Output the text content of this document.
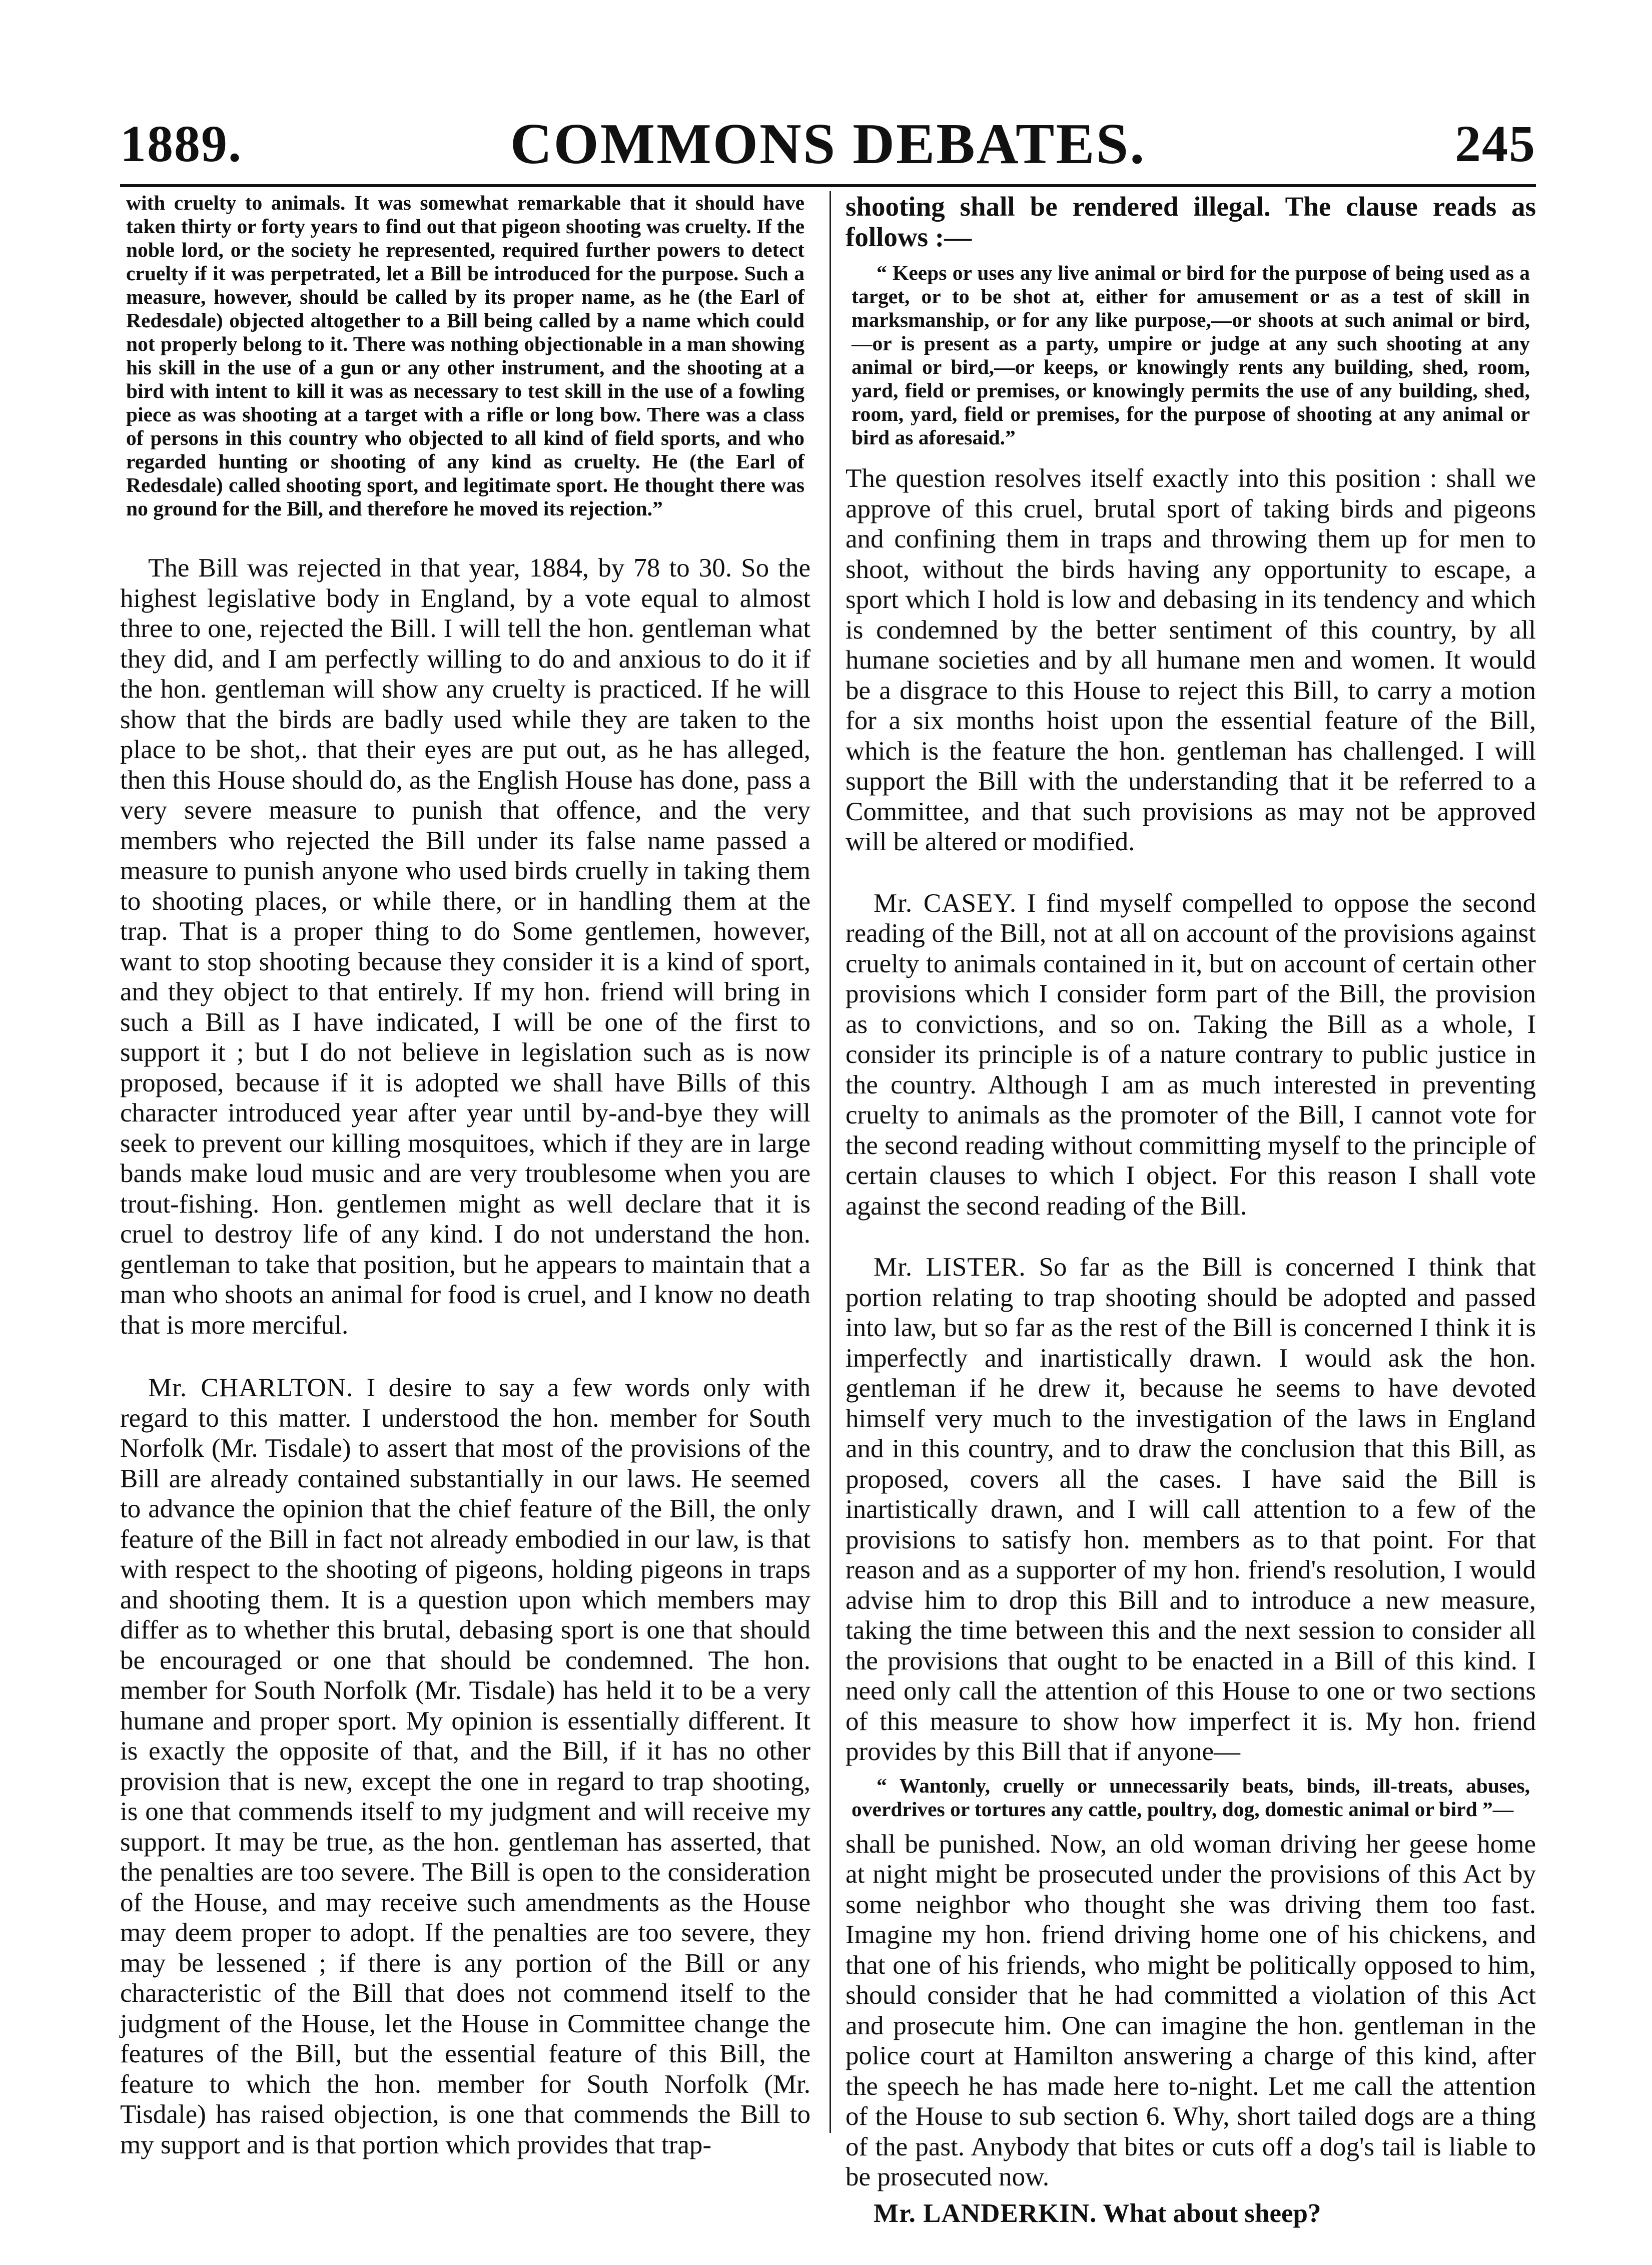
1889.	COMMONS DEBATES.	245

with cruelty to animals. It was somewhat remarkable that it should have taken thirty or forty years to find out that pigeon shooting was cruelty. If the noble lord, or the society he represented, required further powers to detect cruelty if it was perpetrated, let a Bill be introduced for the purpose. Such a measure, however, should be called by its proper name, as he (the Earl of Redesdale) objected altogether to a Bill being called by a name which could not properly belong to it. There was nothing objectionable in a man showing his skill in the use of a gun or any other instrument, and the shooting at a bird with intent to kill it was as necessary to test skill in the use of a fowling piece as was shooting at a target with a rifle or long bow. There was a class of persons in this country who objected to all kind of field sports, and who regarded hunting or shooting of any kind as cruelty. He (the Earl of Redesdale) called shooting sport, and legitimate sport. He thought there was no ground for the Bill, and therefore he moved its rejection.”

The Bill was rejected in that year, 1884, by 78 to 30. So the highest legislative body in England, by a vote equal to almost three to one, rejected the Bill. I will tell the hon. gentleman what they did, and I am perfectly willing to do and anxious to do it if the hon. gentleman will show any cruelty is practiced. If he will show that the birds are badly used while they are taken to the place to be shot,. that their eyes are put out, as he has alleged, then this House should do, as the English House has done, pass a very severe measure to punish that offence, and the very members who rejected the Bill under its false name passed a measure to punish anyone who used birds cruelly in taking them to shooting places, or while there, or in handling them at the trap. That is a proper thing to do Some gentlemen, however, want to stop shooting because they consider it is a kind of sport, and they object to that entirely. If my hon. friend will bring in such a Bill as I have indicated, I will be one of the first to support it ; but I do not believe in legislation such as is now proposed, because if it is adopted we shall have Bills of this character introduced year after year until by-and-bye they will seek to prevent our killing mosquitoes, which if they are in large bands make loud music and are very troublesome when you are trout-fishing. Hon. gentlemen might as well declare that it is cruel to destroy life of any kind. I do not understand the hon. gentleman to take that position, but he appears to maintain that a man who shoots an animal for food is cruel, and I know no death that is more merciful.

Mr. CHARLTON. I desire to say a few words only with regard to this matter. I understood the hon. member for South Norfolk (Mr. Tisdale) to assert that most of the provisions of the Bill are already contained substantially in our laws. He seemed to advance the opinion that the chief feature of the Bill, the only feature of the Bill in fact not already embodied in our law, is that with respect to the shooting of pigeons, holding pigeons in traps and shooting them. It is a question upon which members may differ as to whether this brutal, debasing sport is one that should be encouraged or one that should be condemned. The hon. member for South Norfolk (Mr. Tisdale) has held it to be a very humane and proper sport. My opinion is essentially different. It is exactly the opposite of that, and the Bill, if it has no other provision that is new, except the one in regard to trap shooting, is one that commends itself to my judgment and will receive my support. It may be true, as the hon. gentleman has asserted, that the penalties are too severe. The Bill is open to the consideration of the House, and may receive such amendments as the House may deem proper to adopt. If the penalties are too severe, they may be lessened ; if there is any portion of the Bill or any characteristic of the Bill that does not commend itself to the judgment of the House, let the House in Committee change the features of the Bill, but the essential feature of this Bill, the feature to which the hon. member for South Norfolk (Mr. Tisdale) has raised objection, is one that commends the Bill to my support and is that portion which provides that trap-

shooting shall be rendered illegal. The clause reads as follows :—

“ Keeps or uses any live animal or bird for the purpose of being used as a target, or to be shot at, either for amusement or as a test of skill in marksmanship, or for any like purpose,—or shoots at such animal or bird,—or is present as a party, umpire or judge at any such shooting at any animal or bird,—or keeps, or knowingly rents any building, shed, room, yard, field or premises, or knowingly permits the use of any building, shed, room, yard, field or premises, for the purpose of shooting at any animal or bird as aforesaid.”

The question resolves itself exactly into this position : shall we approve of this cruel, brutal sport of taking birds and pigeons and confining them in traps and throwing them up for men to shoot, without the birds having any opportunity to escape, a sport which I hold is low and debasing in its tendency and which is condemned by the better sentiment of this country, by all humane societies and by all humane men and women. It would be a disgrace to this House to reject this Bill, to carry a motion for a six months hoist upon the essential feature of the Bill, which is the feature the hon. gentleman has challenged. I will support the Bill with the understanding that it be referred to a Committee, and that such provisions as may not be approved will be altered or modified.

Mr. CASEY. I find myself compelled to oppose the second reading of the Bill, not at all on account of the provisions against cruelty to animals contained in it, but on account of certain other provisions which I consider form part of the Bill, the provision as to convictions, and so on. Taking the Bill as a whole, I consider its principle is of a nature contrary to public justice in the country. Although I am as much interested in preventing cruelty to animals as the promoter of the Bill, I cannot vote for the second reading without committing myself to the principle of certain clauses to which I object. For this reason I shall vote against the second reading of the Bill.

Mr. LISTER. So far as the Bill is concerned I think that portion relating to trap shooting should be adopted and passed into law, but so far as the rest of the Bill is concerned I think it is imperfectly and inartistically drawn. I would ask the hon. gentleman if he drew it, because he seems to have devoted himself very much to the investigation of the laws in England and in this country, and to draw the conclusion that this Bill, as proposed, covers all the cases. I have said the Bill is inartistically drawn, and I will call attention to a few of the provisions to satisfy hon. members as to that point. For that reason and as a supporter of my hon. friend's resolution, I would advise him to drop this Bill and to introduce a new measure, taking the time between this and the next session to consider all the provisions that ought to be enacted in a Bill of this kind. I need only call the attention of this House to one or two sections of this measure to show how imperfect it is. My hon. friend provides by this Bill that if anyone—

“ Wantonly, cruelly or unnecessarily beats, binds, ill-treats, abuses, overdrives or tortures any cattle, poultry, dog, domestic animal or bird ”—

shall be punished. Now, an old woman driving her geese home at night might be prosecuted under the provisions of this Act by some neighbor who thought she was driving them too fast. Imagine my hon. friend driving home one of his chickens, and that one of his friends, who might be politically opposed to him, should consider that he had committed a violation of this Act and prosecute him. One can imagine the hon. gentleman in the police court at Hamilton answering a charge of this kind, after the speech he has made here to-night. Let me call the attention of the House to sub section 6. Why, short tailed dogs are a thing of the past. Anybody that bites or cuts off a dog's tail is liable to be prosecuted now.

Mr. LANDERKIN. What about sheep?
